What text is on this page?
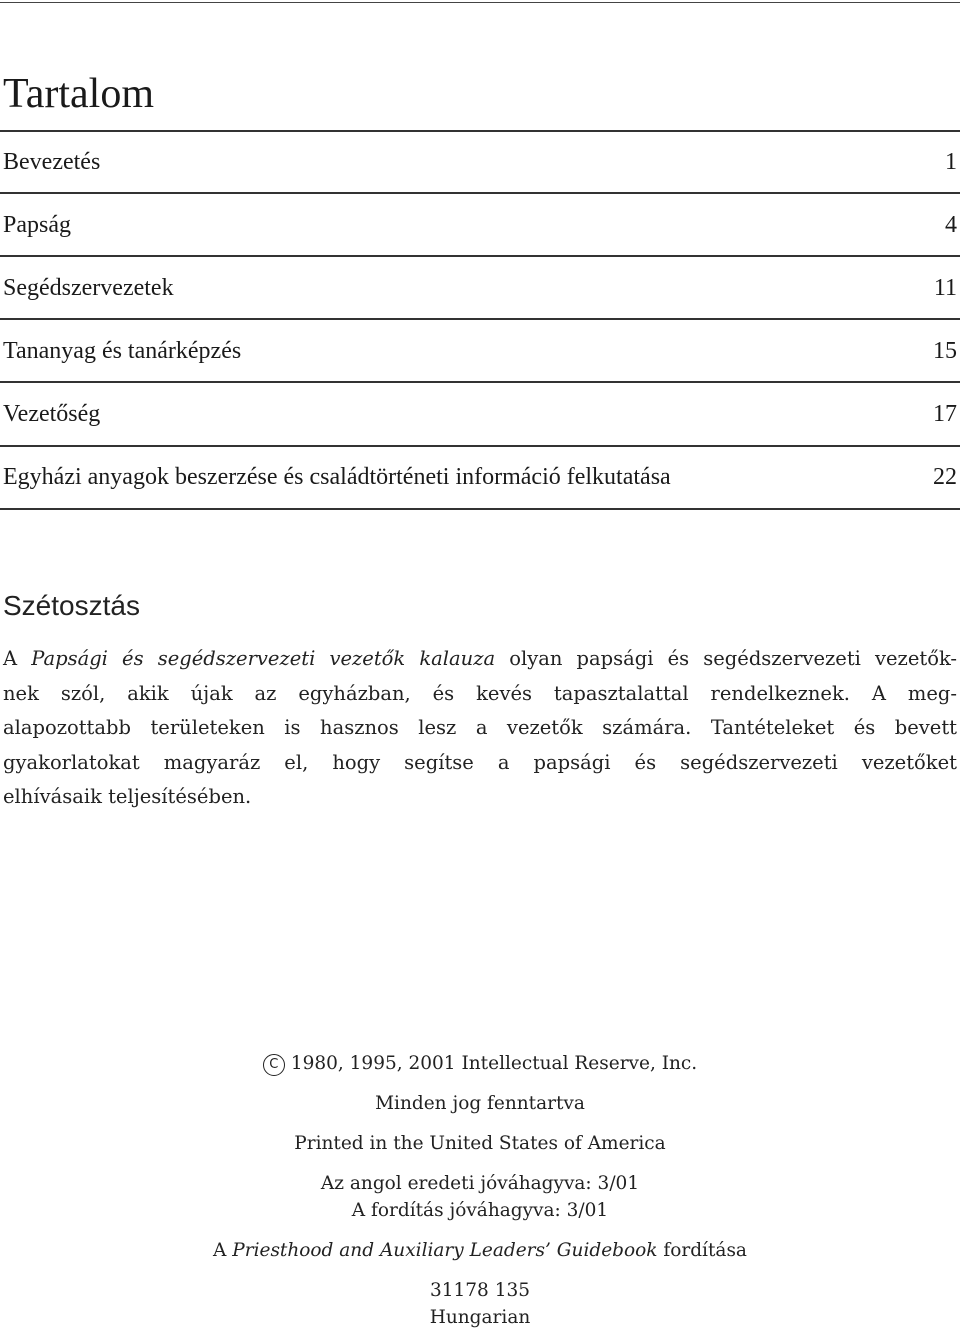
Tartalom
Bevezetés	1
Papság	4
Segédszervezetek	11
Tananyag és tanárképzés	15
Vezetőség	17
Egyházi anyagok beszerzése és családtörténeti információ felkutatása	22
Szétosztás

A Papsági és segédszervezeti vezetők kalauza olyan papsági és segédszervezeti vezetők-
nek szól, akik újak az egyházban, és kevés tapasztalattal rendelkeznek. A meg-
alapozottabb területeken is hasznos lesz a vezetők számára. Tantételeket és bevett
gyakorlatokat magyaráz el, hogy segítse a papsági és segédszervezeti vezetőket
elhívásaik teljesítésében.

C 1980, 1995, 2001 Intellectual Reserve, Inc.
Minden jog fenntartva
Printed in the United States of America
Az angol eredeti jóváhagyva: 3/01
A fordítás jóváhagyva: 3/01
A Priesthood and Auxiliary Leaders’ Guidebook fordítása
31178 135
Hungarian
